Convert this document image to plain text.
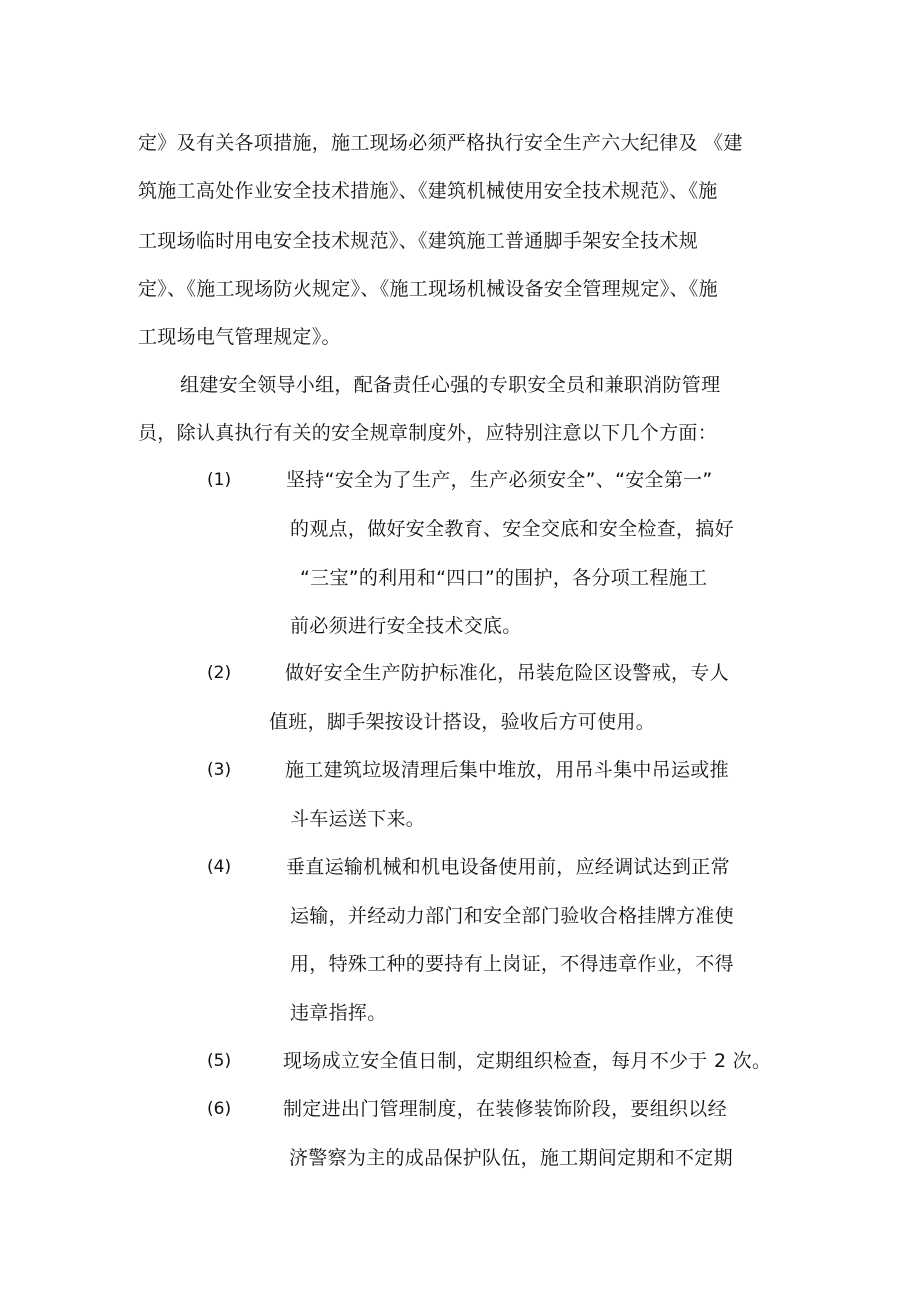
定》及有关各项措施，施工现场必须严格执行安全生产六大纪律及 《建
筑施工高处作业安全技术措施》、《建筑机械使用安全技术规范》、《施
工现场临时用电安全技术规范》、《建筑施工普通脚手架安全技术规
定》、《施工现场防火规定》、《施工现场机械设备安全管理规定》、《施
工现场电气管理规定》。
组建安全领导小组，配备责任心强的专职安全员和兼职消防管理
员，除认真执行有关的安全规章制度外，应特别注意以下几个方面：
(1)	坚持“安全为了生产，生产必须安全”、“安全第一”
的观点，做好安全教育、安全交底和安全检查，搞好
“三宝”的利用和“四口”的围护，各分项工程施工
前必须进行安全技术交底。
(2)	做好安全生产防护标准化，吊装危险区设警戒，专人
值班，脚手架按设计搭设，验收后方可使用。
(3)	施工建筑垃圾清理后集中堆放，用吊斗集中吊运或推
斗车运送下来。
(4)	垂直运输机械和机电设备使用前，应经调试达到正常
运输，并经动力部门和安全部门验收合格挂牌方准使
用，特殊工种的要持有上岗证，不得违章作业，不得
违章指挥。
(5)	现场成立安全值日制，定期组织检查，每月不少于 2 次。
(6)	制定进出门管理制度，在装修装饰阶段，要组织以经
济警察为主的成品保护队伍，施工期间定期和不定期
